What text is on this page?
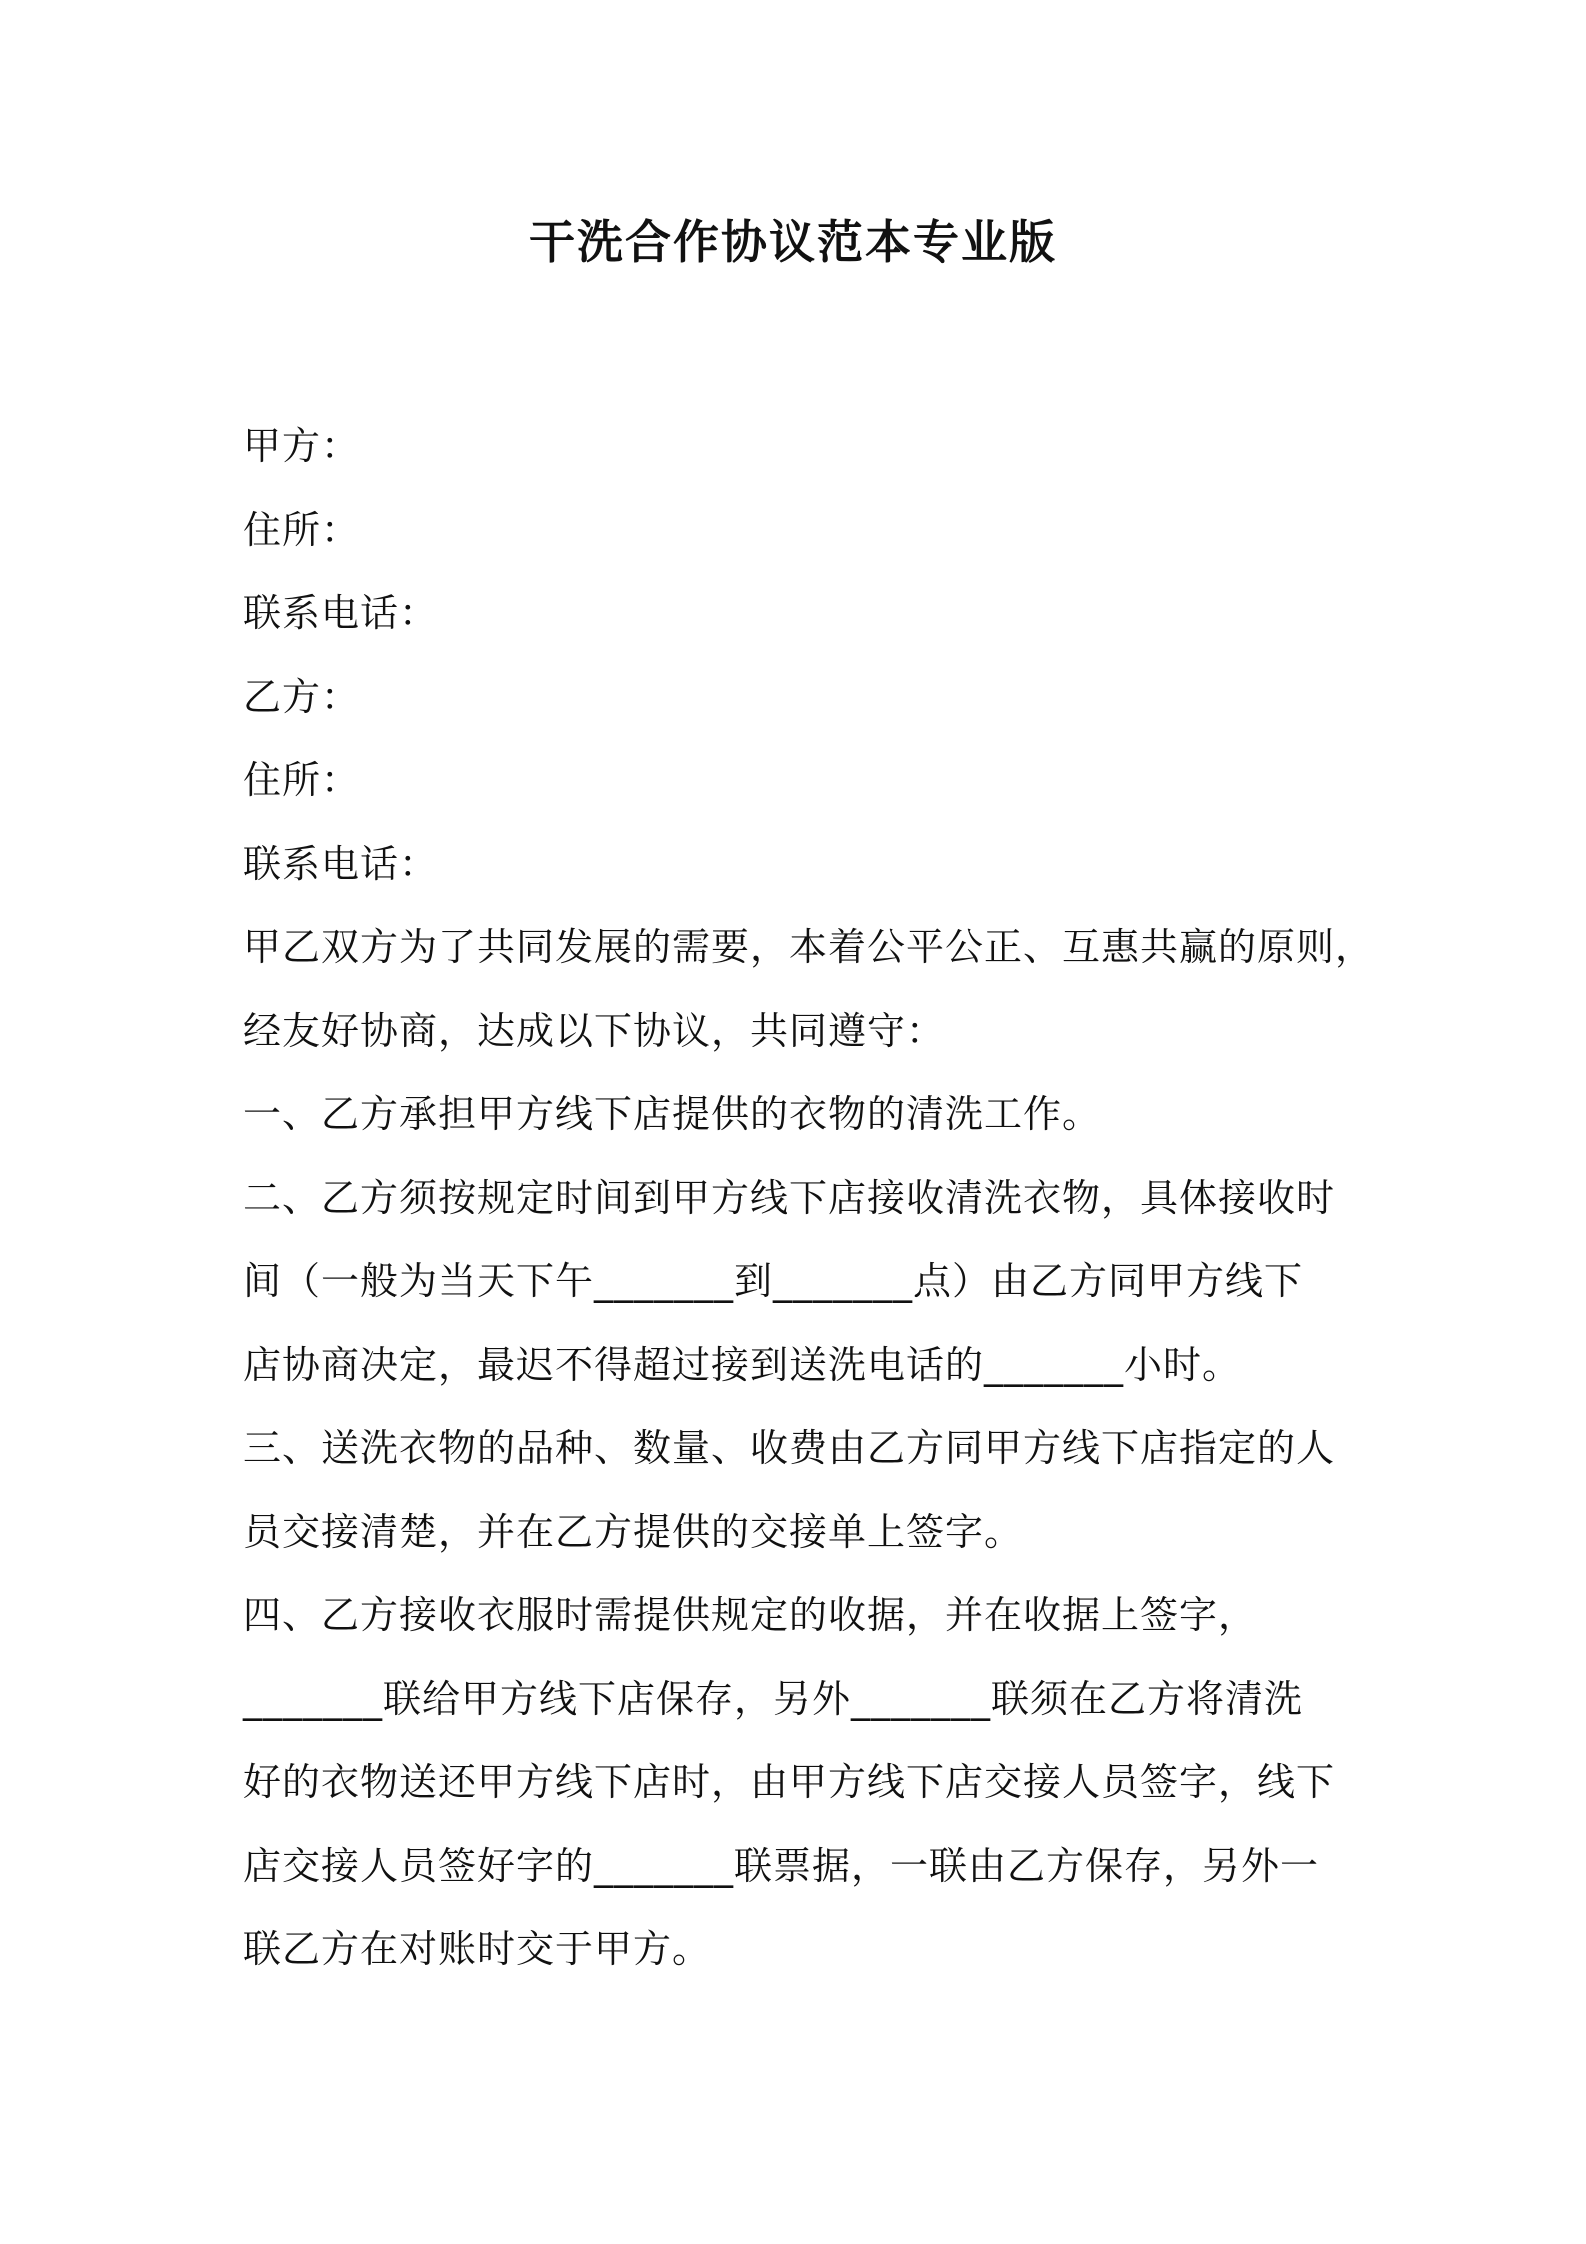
干洗合作协议范本专业版

甲方：

住所：

联系电话：

乙方：

住所：

联系电话：

甲乙双方为了共同发展的需要，本着公平公正、互惠共赢的原则，

经友好协商，达成以下协议，共同遵守：

一、乙方承担甲方线下店提供的衣物的清洗工作。

二、乙方须按规定时间到甲方线下店接收清洗衣物，具体接收时

间（一般为当天下午_______到_______点）由乙方同甲方线下

店协商决定，最迟不得超过接到送洗电话的_______小时。

三、送洗衣物的品种、数量、收费由乙方同甲方线下店指定的人

员交接清楚，并在乙方提供的交接单上签字。

四、乙方接收衣服时需提供规定的收据，并在收据上签字，

_______联给甲方线下店保存，另外_______联须在乙方将清洗

好的衣物送还甲方线下店时，由甲方线下店交接人员签字，线下

店交接人员签好字的_______联票据，一联由乙方保存，另外一

联乙方在对账时交于甲方。
